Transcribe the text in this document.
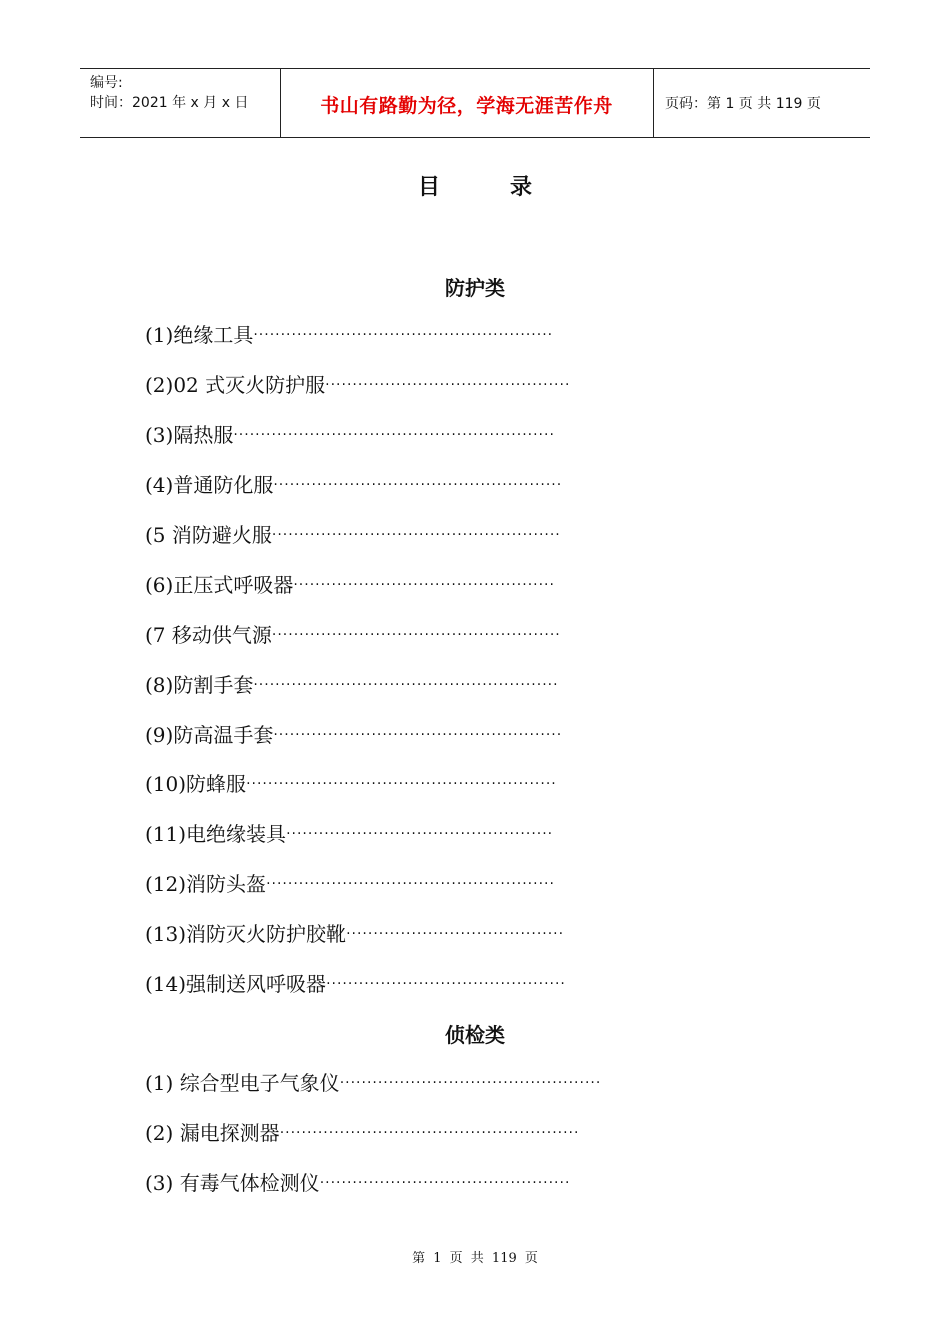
编号:
时间：2021 年 x 月 x 日	书山有路勤为径，学海无涯苦作舟	页码：第 1 页 共 119 页
目	录
防护类
(1)绝缘工具·······················································
(2)02 式灭火防护服·············································
(3)隔热服···························································
(4)普通防化服·····················································
(5 消防避火服·····················································
(6)正压式呼吸器················································
(7 移动供气源·····················································
(8)防割手套························································
(9)防高温手套·····················································
(10)防蜂服·························································
(11)电绝缘装具·················································
(12)消防头盔·····················································
(13)消防灭火防护胶靴········································
(14)强制送风呼吸器············································
侦检类
(1) 综合型电子气象仪················································
(2) 漏电探测器·······················································
(3) 有毒气体检测仪··············································
第 1 页 共 119 页
